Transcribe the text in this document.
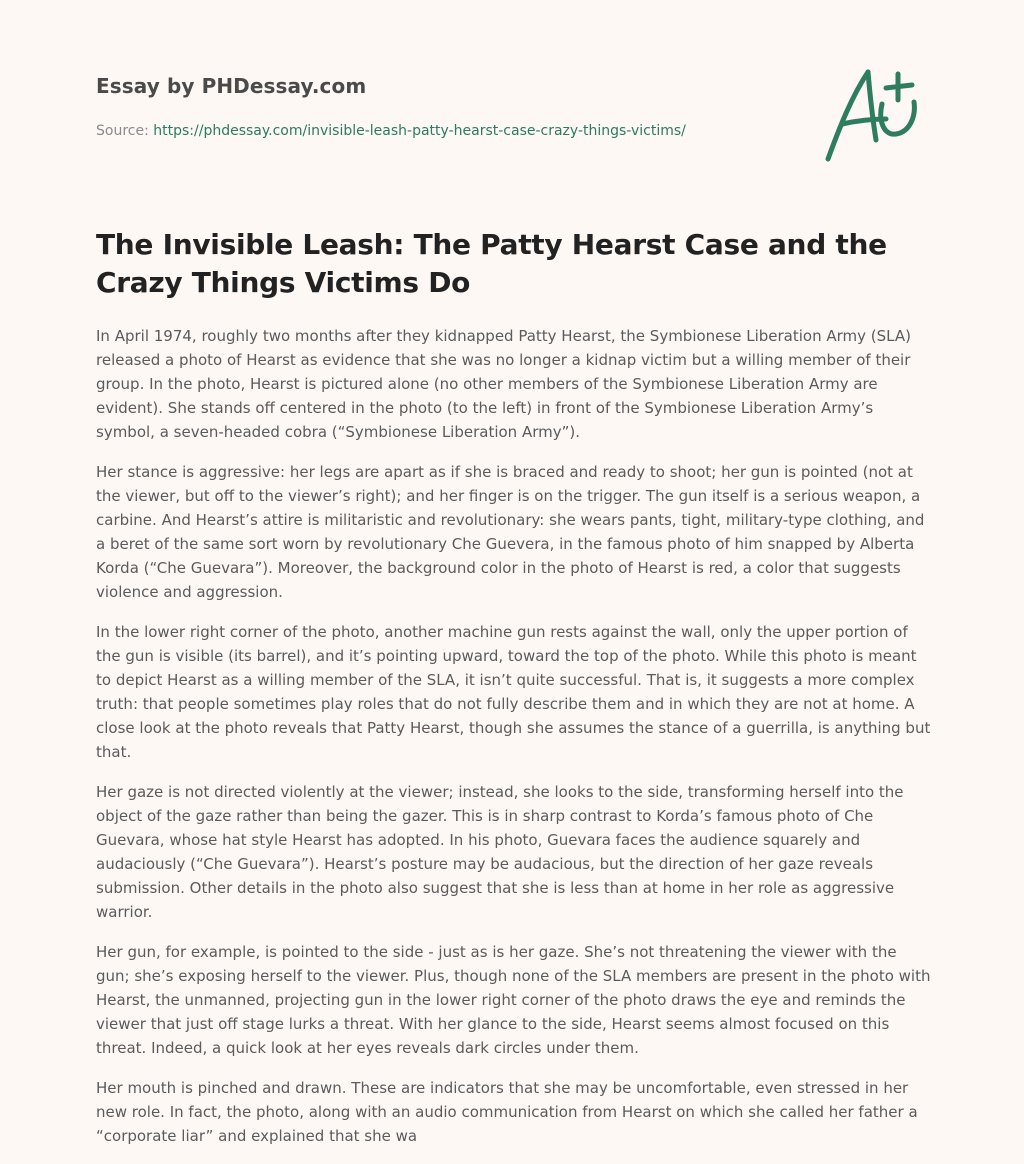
Essay by PHDessay.com
Source: https://phdessay.com/invisible-leash-patty-hearst-case-crazy-things-victims/
The Invisible Leash: The Patty Hearst Case and the Crazy Things Victims Do

In April 1974, roughly two months after they kidnapped Patty Hearst, the Symbionese Liberation Army (SLA) released a photo of Hearst as evidence that she was no longer a kidnap victim but a willing member of their group. In the photo, Hearst is pictured alone (no other members of the Symbionese Liberation Army are evident). She stands off centered in the photo (to the left) in front of the Symbionese Liberation Army’s symbol, a seven-headed cobra (“Symbionese Liberation Army”).

Her stance is aggressive: her legs are apart as if she is braced and ready to shoot; her gun is pointed (not at the viewer, but off to the viewer’s right); and her finger is on the trigger. The gun itself is a serious weapon, a carbine. And Hearst’s attire is militaristic and revolutionary: she wears pants, tight, military-type clothing, and a beret of the same sort worn by revolutionary Che Guevera, in the famous photo of him snapped by Alberta Korda (“Che Guevara”). Moreover, the background color in the photo of Hearst is red, a color that suggests violence and aggression.

In the lower right corner of the photo, another machine gun rests against the wall, only the upper portion of the gun is visible (its barrel), and it’s pointing upward, toward the top of the photo. While this photo is meant to depict Hearst as a willing member of the SLA, it isn’t quite successful. That is, it suggests a more complex truth: that people sometimes play roles that do not fully describe them and in which they are not at home. A close look at the photo reveals that Patty Hearst, though she assumes the stance of a guerrilla, is anything but that.

Her gaze is not directed violently at the viewer; instead, she looks to the side, transforming herself into the object of the gaze rather than being the gazer. This is in sharp contrast to Korda’s famous photo of Che Guevara, whose hat style Hearst has adopted. In his photo, Guevara faces the audience squarely and audaciously (“Che Guevara”). Hearst’s posture may be audacious, but the direction of her gaze reveals submission. Other details in the photo also suggest that she is less than at home in her role as aggressive warrior.

Her gun, for example, is pointed to the side - just as is her gaze. She’s not threatening the viewer with the gun; she’s exposing herself to the viewer. Plus, though none of the SLA members are present in the photo with Hearst, the unmanned, projecting gun in the lower right corner of the photo draws the eye and reminds the viewer that just off stage lurks a threat. With her glance to the side, Hearst seems almost focused on this threat. Indeed, a quick look at her eyes reveals dark circles under them.

Her mouth is pinched and drawn. These are indicators that she may be uncomfortable, even stressed in her new role. In fact, the photo, along with an audio communication from Hearst on which she called her father a “corporate liar” and explained that she wa
